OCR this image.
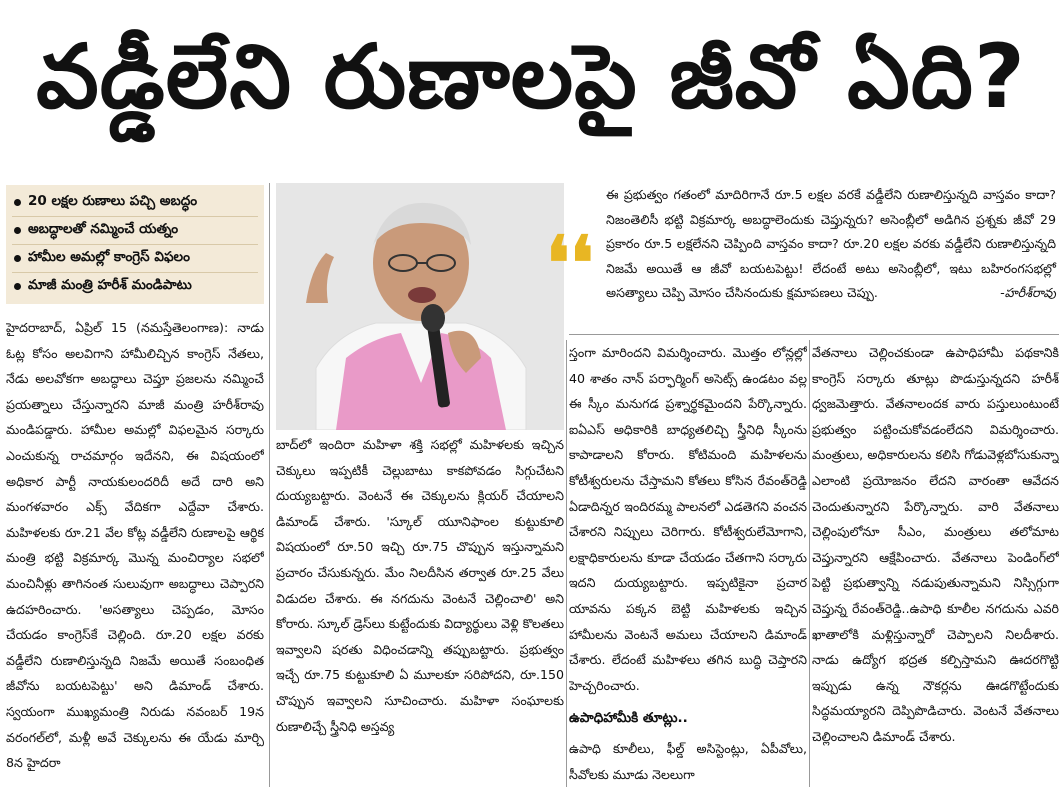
వడ్డీలేని రుణాలపై జీవో ఏది?
20 లక్షల రుణాలు పచ్చి అబద్ధం
అబద్ధాలతో నమ్మించే యత్నం
హామీల అమల్లో కాంగ్రెస్ విఫలం
మాజీ మంత్రి హరీశ్ మండిపాటు	❛❛
ఈ ప్రభుత్వం గతంలో మాదిరిగానే రూ.5 లక్షల వరకే వడ్డీలేని రుణాలిస్తున్నది వాస్తవం కాదా? నిజంతెలిసీ భట్టి విక్రమార్క అబద్ధాలెందుకు చెప్తున్నరు? అసెంబ్లీలో అడిగిన ప్రశ్నకు జీవో 29 ప్రకారం రూ.5 లక్షలేనని చెప్పింది వాస్తవం కాదా? రూ.20 లక్షల వరకు వడ్డీలేని రుణాలిస్తున్నది నిజమే అయితే ఆ జీవో బయటపెట్టు! లేదంటే అటు అసెంబ్లీలో, ఇటు బహిరంగసభల్లో అసత్యాలు చెప్పి మోసం చేసినందుకు క్షమాపణలు చెప్పు.	-హరీశ్‌రావు

హైదరాబాద్, ఏప్రిల్ 15 (నమస్తేతెలంగాణ): నాడు ఓట్ల కోసం అలవిగాని హామీలిచ్చిన కాంగ్రెస్ నేతలు, నేడు అలవోకగా అబద్ధాలు చెప్తూ ప్రజలను నమ్మించే ప్రయత్నాలు చేస్తున్నారని మాజీ మంత్రి హరీశ్‌రావు మండిపడ్డారు. హామీల అమల్లో విఫలమైన సర్కారు ఎంచుకున్న రాచమార్గం ఇదేనని, ఈ విషయంలో అధికార పార్టీ నాయకులందరిదీ అదే దారి అని మంగళవారం ఎక్స్ వేదికగా ఎద్దేవా చేశారు. మహిళలకు రూ.21 వేల కోట్ల వడ్డీలేని రుణాలపై ఆర్థిక మంత్రి భట్టి విక్రమార్క మొన్న మంచిర్యాల సభలో మంచినీళ్లు తాగినంత సులువుగా అబద్ధాలు చెప్పారని ఉదహరించారు. 'అసత్యాలు చెప్పడం, మోసం చేయడం కాంగ్రెస్‌కే చెల్లింది. రూ.20 లక్షల వరకు వడ్డీలేని రుణాలిస్తున్నది నిజమే అయితే సంబంధిత జీవోను బయటపెట్టు' అని డిమాండ్ చేశారు. స్వయంగా ముఖ్యమంత్రి నిరుడు నవంబర్ 19న వరంగల్‌లో, మళ్లీ అవే చెక్కులను ఈ యేడు మార్చి 8న హైదరా

బాద్‌లో ఇందిరా మహిళా శక్తి సభల్లో మహిళలకు ఇచ్చిన చెక్కులు ఇప్పటికీ చెల్లుబాటు కాకపోవడం సిగ్గుచేటని దుయ్యబట్టారు. వెంటనే ఈ చెక్కులను క్లియర్ చేయాలని డిమాండ్ చేశారు. 'స్కూల్ యూనిఫాంల కుట్టుకూలి విషయంలో రూ.50 ఇచ్చి రూ.75 చొప్పున ఇస్తున్నామని ప్రచారం చేసుకున్నరు. మేం నిలదీసిన తర్వాత రూ.25 వేలు విడుదల చేశారు. ఈ నగదును వెంటనే చెల్లించాలి' అని కోరారు. స్కూల్ డ్రెస్‌లు కుట్టేందుకు విద్యార్థులు వెళ్లి కొలతలు ఇవ్వాలని షరతు విధించడాన్ని తప్పుబట్టారు. ప్రభుత్వం ఇచ్చే రూ.75 కుట్టుకూలి ఏ మూలకూ సరిపోదని, రూ.150 చొప్పున ఇవ్వాలని సూచించారు. మహిళా సంఘాలకు రుణాలిచ్చే స్త్రీనిధి అస్తవ్య

స్తంగా మారిందని విమర్శించారు. మొత్తం లోన్లల్లో 40 శాతం నాన్ పర్ఫార్మింగ్ అసెట్స్ ఉండటం వల్ల ఈ స్కీం మనుగడ ప్రశ్నార్థకమైందని పేర్కొన్నారు. ఐఏఎస్ అధికారికి బాధ్యతలిచ్చి స్త్రీనిధి స్కీంను కాపాడాలని కోరారు. కోటిమంది మహిళలను కోటీశ్వరులను చేస్తామని కోతలు కోసిన రేవంత్‌రెడ్డి ఏడాదిన్నర ఇందిరమ్మ పాలనలో ఎడతెగని వంచన చేశారని నిప్పులు చెరిగారు. కోటీశ్వరులేమోగాని, లక్షాధికారులను కూడా చేయడం చేతగాని సర్కారు ఇదని దుయ్యబట్టారు. ఇప్పటికైనా ప్రచార యావను పక్కన బెట్టి మహిళలకు ఇచ్చిన హామీలను వెంటనే అమలు చేయాలని డిమాండ్ చేశారు. లేదంటే మహిళలు తగిన బుద్ధి చెప్తారని హెచ్చరించారు.

ఉపాధిహామీకి తూట్లు..

ఉపాధి కూలీలు, ఫీల్డ్ అసిస్టెంట్లు, ఏపీవోలు, సీవోలకు మూడు నెలలుగా

వేతనాలు చెల్లించకుండా ఉపాధిహామీ పథకానికి కాంగ్రెస్ సర్కారు తూట్లు పొడుస్తున్నదని హరీశ్ ధ్వజమెత్తారు. వేతనాలందక వారు పస్తులుంటుంటే ప్రభుత్వం పట్టించుకోవడంలేదని విమర్శించారు. మంత్రులు, అధికారులను కలిసి గోడువెళ్లబోసుకున్నా ఎలాంటి ప్రయోజనం లేదని వారంతా ఆవేదన చెందుతున్నారని పేర్కొన్నారు. వారి వేతనాలు చెల్లింపులోనూ సీఎం, మంత్రులు తలోమాట చెప్తున్నారని ఆక్షేపించారు. వేతనాలు పెండింగ్‌లో పెట్టి ప్రభుత్వాన్ని నడుపుతున్నామని నిస్సిగ్గుగా చెప్తున్న రేవంత్‌రెడ్డి..ఉపాధి కూలీల నగదును ఎవరి ఖాతాలోకి మళ్లిస్తున్నారో చెప్పాలని నిలదీశారు. నాడు ఉద్యోగ భద్రత కల్పిస్తామని ఊదరగొట్టి ఇప్పుడు ఉన్న నౌకర్లను ఊడగొట్టేందుకు సిద్ధమయ్యారని దెప్పిపొడిచారు. వెంటనే వేతనాలు చెల్లించాలని డిమాండ్ చేశారు.
